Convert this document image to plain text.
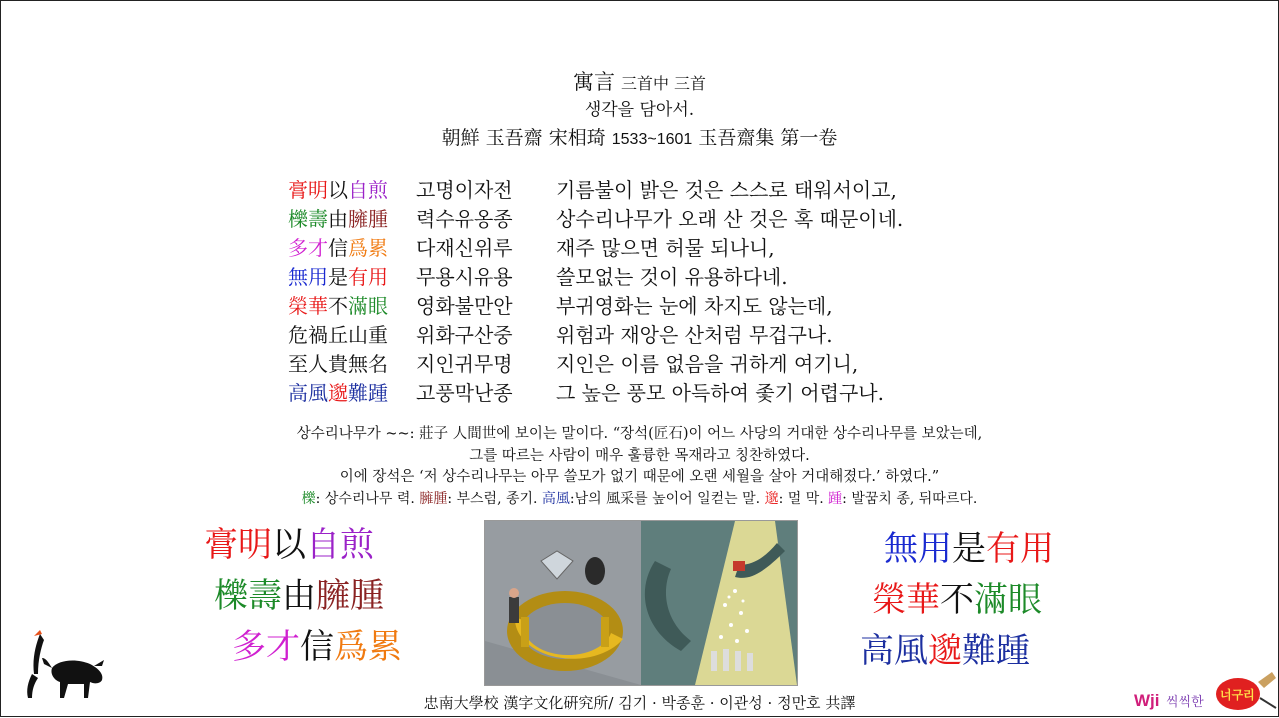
寓言 三首中 三首
생각을 담아서.
朝鮮 玉吾齋 宋相琦 1533~1601 玉吾齋集 第一卷
膏明以自煎 고명이자전 기름불이 밝은 것은 스스로 태워서이고,
櫟壽由臃腫 력수유옹종 상수리나무가 오래 산 것은 혹 때문이네.
多才信爲累 다재신위루 재주 많으면 허물 되나니,
無用是有用 무용시유용 쓸모없는 것이 유용하다네.
榮華不滿眼 영화불만안 부귀영화는 눈에 차지도 않는데,
危禍丘山重 위화구산중 위험과 재앙은 산처럼 무겁구나.
至人貴無名 지인귀무명 지인은 이름 없음을 귀하게 여기니,
高風邈難踵 고풍막난종 그 높은 풍모 아득하여 좇기 어렵구나.
상수리나무가 ~~: 莊子 人間世에 보이는 말이다. “장석(匠石)이 어느 사당의 거대한 상수리나무를 보았는데,
그를 따르는 사람이 매우 훌륭한 목재라고 칭찬하였다.
이에 장석은 ‘저 상수리나무는 아무 쓸모가 없기 때문에 오랜 세월을 살아 거대해졌다.’ 하였다.”
櫟: 상수리나무 력. 臃腫: 부스럼, 종기. 高風:남의 風采를 높이어 일컫는 말. 邈: 멀 막. 踵: 발꿈치 종, 뒤따르다.
膏明以自煎
櫟壽由臃腫
多才信爲累
無用是有用
榮華不滿眼
高風邈難踵
忠南大學校 漢字文化硏究所/ 김기 · 박종훈 · 이관성 · 정만호 共譯	Wji 씩씩한 너구리
